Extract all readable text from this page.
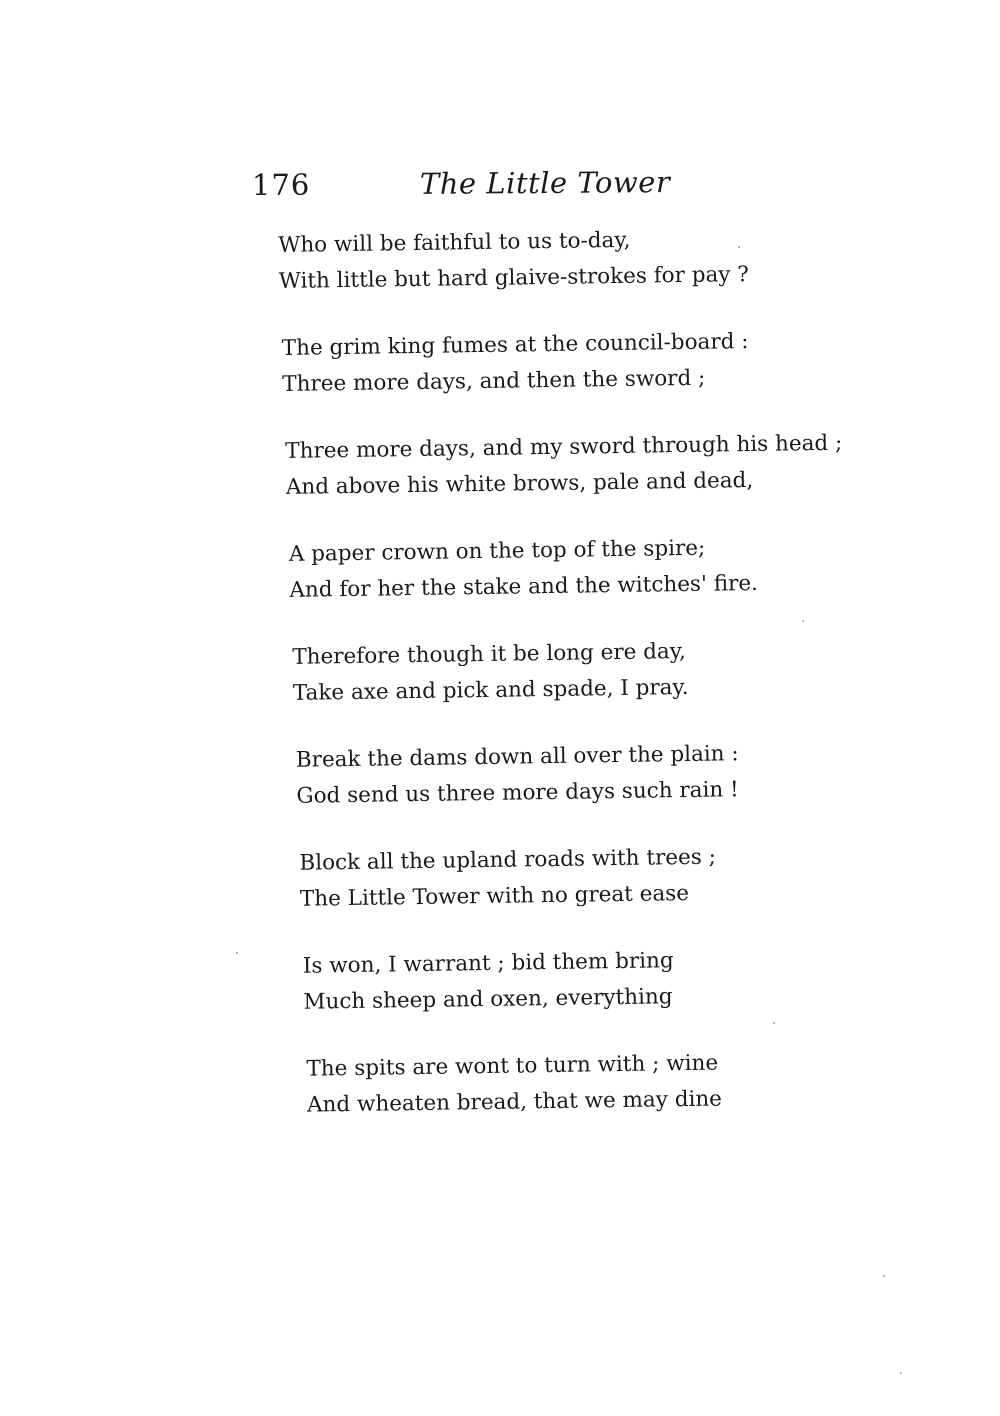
176	The Little Tower
Who will be faithful to us to-day,
With little but hard glaive-strokes for pay ?
The grim king fumes at the council-board :
Three more days, and then the sword ;
Three more days, and my sword through his head ;
And above his white brows, pale and dead,
A paper crown on the top of the spire;
And for her the stake and the witches' fire.
Therefore though it be long ere day,
Take axe and pick and spade, I pray.
Break the dams down all over the plain :
God send us three more days such rain !
Block all the upland roads with trees ;
The Little Tower with no great ease
Is won, I warrant ; bid them bring
Much sheep and oxen, everything
The spits are wont to turn with ; wine
And wheaten bread, that we may dine
